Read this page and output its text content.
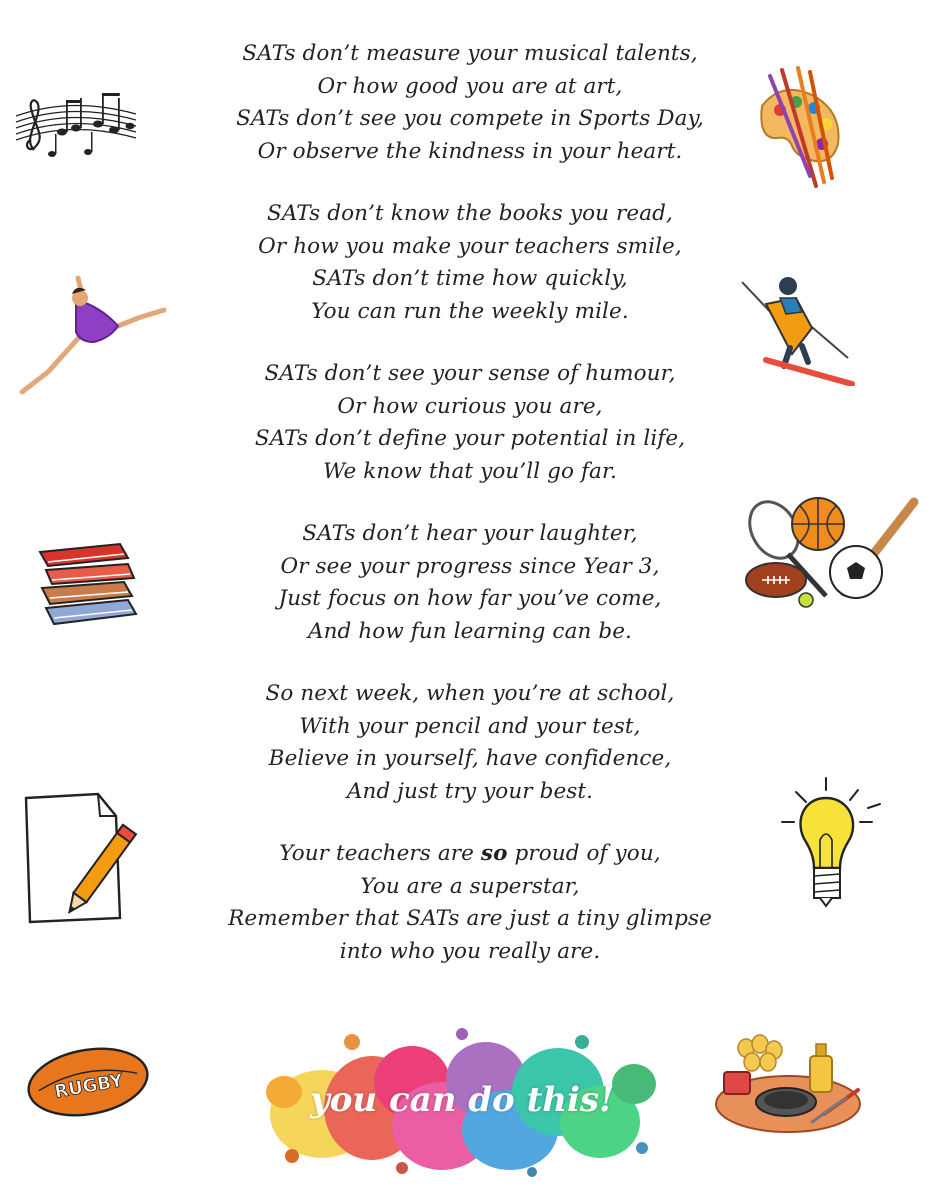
SATs don’t measure your musical talents,
Or how good you are at art,
SATs don’t see you compete in Sports Day,
Or observe the kindness in your heart.
SATs don’t know the books you read,
Or how you make your teachers smile,
SATs don’t time how quickly,
You can run the weekly mile.
SATs don’t see your sense of humour,
Or how curious you are,
SATs don’t define your potential in life,
We know that you’ll go far.
SATs don’t hear your laughter,
Or see your progress since Year 3,
Just focus on how far you’ve come,
And how fun learning can be.
So next week, when you’re at school,
With your pencil and your test,
Believe in yourself, have confidence,
And just try your best.
Your teachers are so proud of you,
You are a superstar,
Remember that SATs are just a tiny glimpse
into who you really are.
RUGBY	you can do this!
